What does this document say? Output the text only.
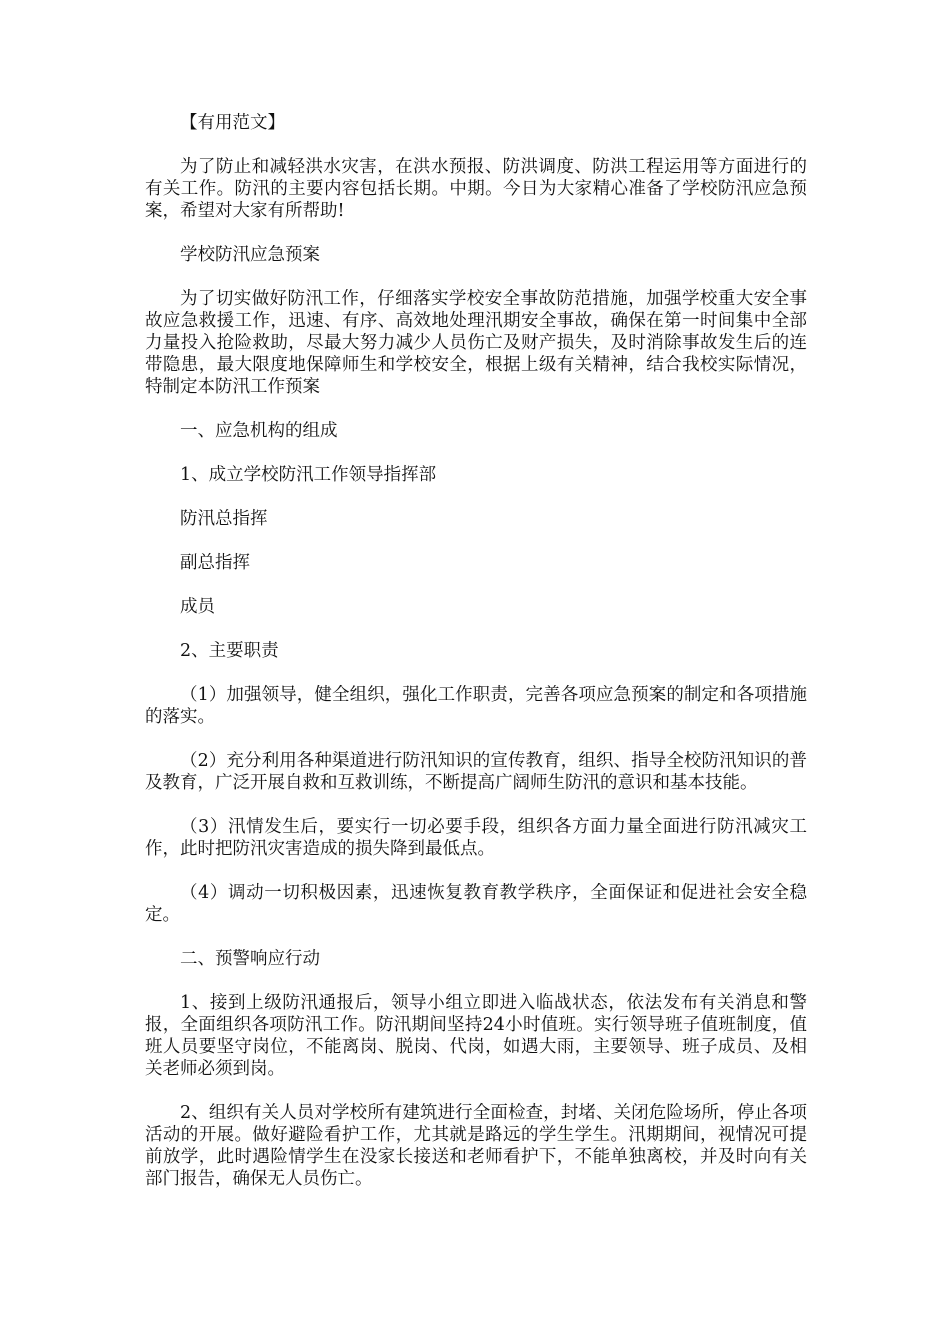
【有用范文】

为了防止和减轻洪水灾害，在洪水预报、防洪调度、防洪工程运用等方面进行的有关工作。防汛的主要内容包括长期。中期。今日为大家精心准备了学校防汛应急预案，希望对大家有所帮助!

学校防汛应急预案

为了切实做好防汛工作，仔细落实学校安全事故防范措施，加强学校重大安全事故应急救援工作，迅速、有序、高效地处理汛期安全事故，确保在第一时间集中全部力量投入抢险救助，尽最大努力减少人员伤亡及财产损失，及时消除事故发生后的连带隐患，最大限度地保障师生和学校安全，根据上级有关精神，结合我校实际情况，特制定本防汛工作预案

一、应急机构的组成

1、成立学校防汛工作领导指挥部

防汛总指挥

副总指挥

成员

2、主要职责

（1）加强领导，健全组织，强化工作职责，完善各项应急预案的制定和各项措施的落实。

（2）充分利用各种渠道进行防汛知识的宣传教育，组织、指导全校防汛知识的普及教育，广泛开展自救和互救训练，不断提高广阔师生防汛的意识和基本技能。

（3）汛情发生后，要实行一切必要手段，组织各方面力量全面进行防汛减灾工作，此时把防汛灾害造成的损失降到最低点。

（4）调动一切积极因素，迅速恢复教育教学秩序，全面保证和促进社会安全稳定。

二、预警响应行动

1、接到上级防汛通报后，领导小组立即进入临战状态，依法发布有关消息和警报，全面组织各项防汛工作。防汛期间坚持24小时值班。实行领导班子值班制度，值班人员要坚守岗位，不能离岗、脱岗、代岗，如遇大雨，主要领导、班子成员、及相关老师必须到岗。

2、组织有关人员对学校所有建筑进行全面检查，封堵、关闭危险场所，停止各项活动的开展。做好避险看护工作，尤其就是路远的学生学生。汛期期间，视情况可提前放学，此时遇险情学生在没家长接送和老师看护下，不能单独离校，并及时向有关部门报告，确保无人员伤亡。
